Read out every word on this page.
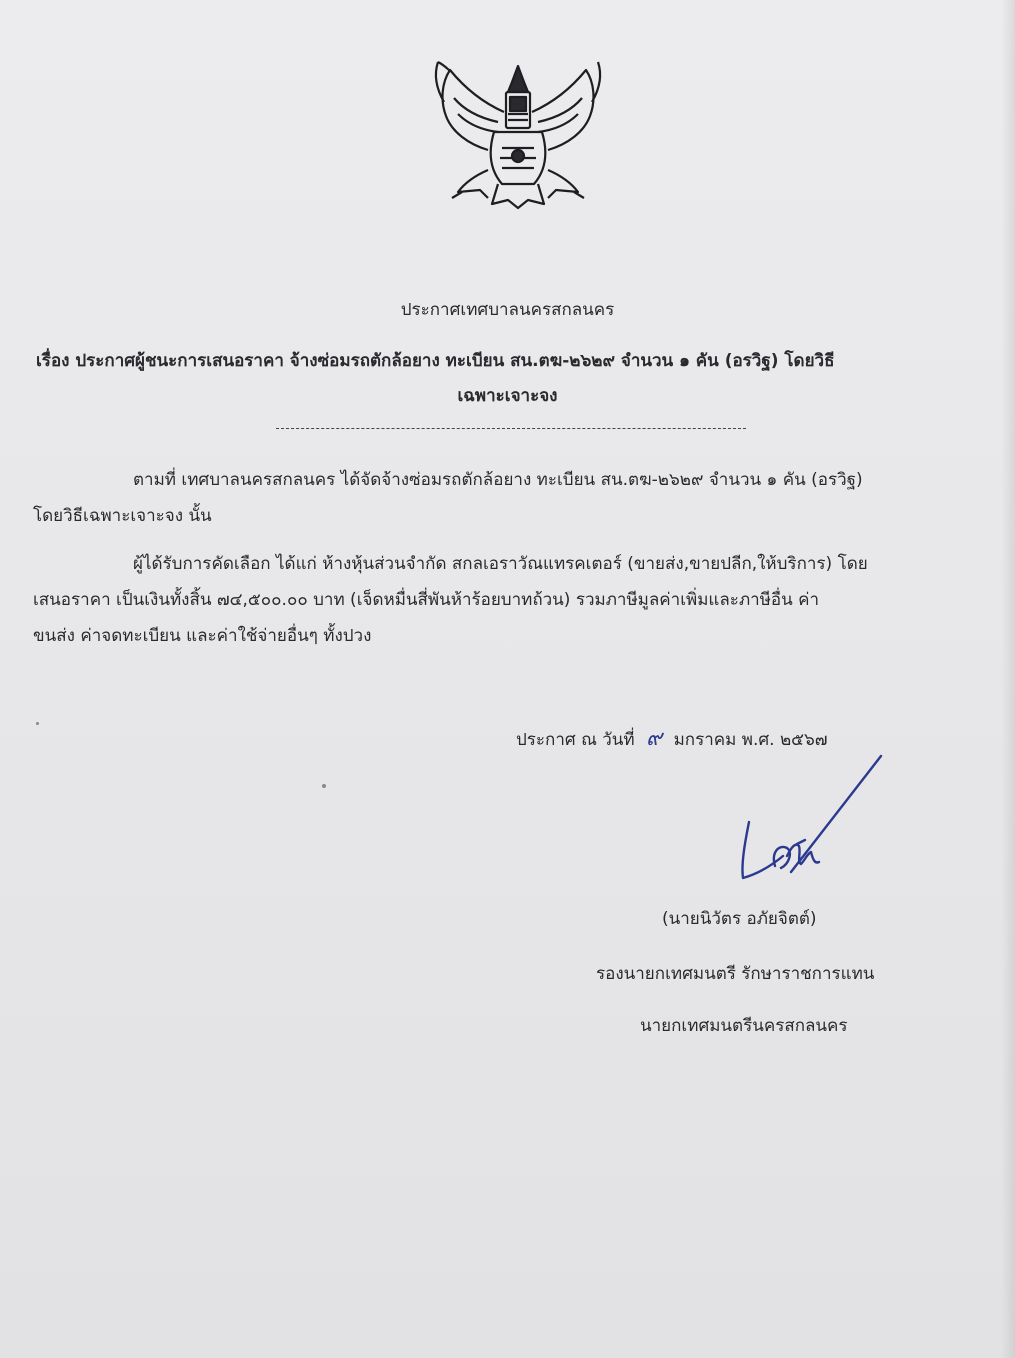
ประกาศเทศบาลนครสกลนคร
เรื่อง ประกาศผู้ชนะการเสนอราคา จ้างซ่อมรถตักล้อยาง ทะเบียน สน.ตฆ-๒๖๒๙ จำนวน ๑ คัน (อรวิฐ) โดยวิธี
เฉพาะเจาะจง
ตามที่ เทศบาลนครสกลนคร ได้จัดจ้างซ่อมรถตักล้อยาง ทะเบียน สน.ตฆ-๒๖๒๙ จำนวน ๑ คัน (อรวิฐ)
โดยวิธีเฉพาะเจาะจง นั้น
ผู้ได้รับการคัดเลือก ได้แก่ ห้างหุ้นส่วนจำกัด สกลเอราวัณแทรคเตอร์ (ขายส่ง,ขายปลีก,ให้บริการ) โดย
เสนอราคา เป็นเงินทั้งสิ้น ๗๔,๕๐๐.๐๐ บาท (เจ็ดหมื่นสี่พันห้าร้อยบาทถ้วน) รวมภาษีมูลค่าเพิ่มและภาษีอื่น ค่า
ขนส่ง ค่าจดทะเบียน และค่าใช้จ่ายอื่นๆ ทั้งปวง
ประกาศ ณ วันที่ ๙ มกราคม พ.ศ. ๒๕๖๗
(นายนิวัตร อภัยจิตต์)
รองนายกเทศมนตรี รักษาราชการแทน
นายกเทศมนตรีนครสกลนคร
